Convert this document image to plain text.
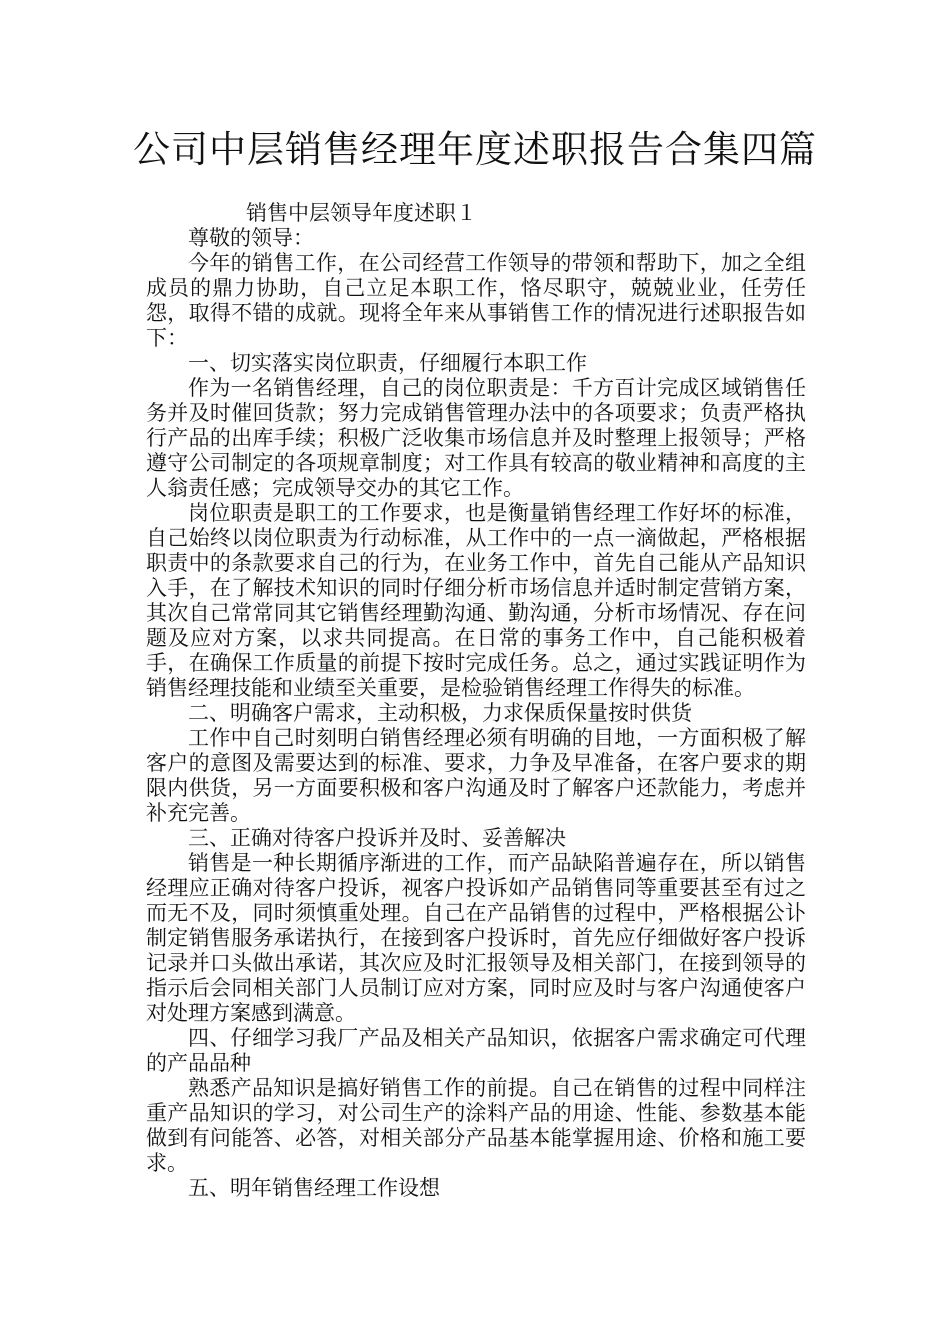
公司中层销售经理年度述职报告合集四篇

销售中层领导年度述职１

尊敬的领导：

今年的销售工作，在公司经营工作领导的带领和帮助下，加之全组成员的鼎力协助，自己立足本职工作，恪尽职守，兢兢业业，任劳任怨，取得不错的成就。现将全年来从事销售工作的情况进行述职报告如下：

一、切实落实岗位职责，仔细履行本职工作

作为一名销售经理，自己的岗位职责是：千方百计完成区域销售任务并及时催回货款；努力完成销售管理办法中的各项要求；负责严格执行产品的出库手续；积极广泛收集市场信息并及时整理上报领导；严格遵守公司制定的各项规章制度；对工作具有较高的敬业精神和高度的主人翁责任感；完成领导交办的其它工作。

岗位职责是职工的工作要求，也是衡量销售经理工作好坏的标准，自己始终以岗位职责为行动标准，从工作中的一点一滴做起，严格根据职责中的条款要求自己的行为，在业务工作中，首先自己能从产品知识入手，在了解技术知识的同时仔细分析市场信息并适时制定营销方案，其次自己常常同其它销售经理勤沟通、勤沟通，分析市场情况、存在问题及应对方案，以求共同提高。在日常的事务工作中，自己能积极着手，在确保工作质量的前提下按时完成任务。总之，通过实践证明作为销售经理技能和业绩至关重要，是检验销售经理工作得失的标准。

二、明确客户需求，主动积极，力求保质保量按时供货

工作中自己时刻明白销售经理必须有明确的目地，一方面积极了解客户的意图及需要达到的标准、要求，力争及早准备，在客户要求的期限内供货，另一方面要积极和客户沟通及时了解客户还款能力，考虑并补充完善。

三、正确对待客户投诉并及时、妥善解决

销售是一种长期循序渐进的工作，而产品缺陷普遍存在，所以销售经理应正确对待客户投诉，视客户投诉如产品销售同等重要甚至有过之而无不及，同时须慎重处理。自己在产品销售的过程中，严格根据公讣制定销售服务承诺执行，在接到客户投诉时，首先应仔细做好客户投诉记录并口头做出承诺，其次应及时汇报领导及相关部门，在接到领导的指示后会同相关部门人员制订应对方案，同时应及时与客户沟通使客户对处理方案感到满意。

四、仔细学习我厂产品及相关产品知识，依据客户需求确定可代理的产品品种

熟悉产品知识是搞好销售工作的前提。自己在销售的过程中同样注重产品知识的学习，对公司生产的涂料产品的用途、性能、参数基本能做到有问能答、必答，对相关部分产品基本能掌握用途、价格和施工要求。

五、明年销售经理工作设想
